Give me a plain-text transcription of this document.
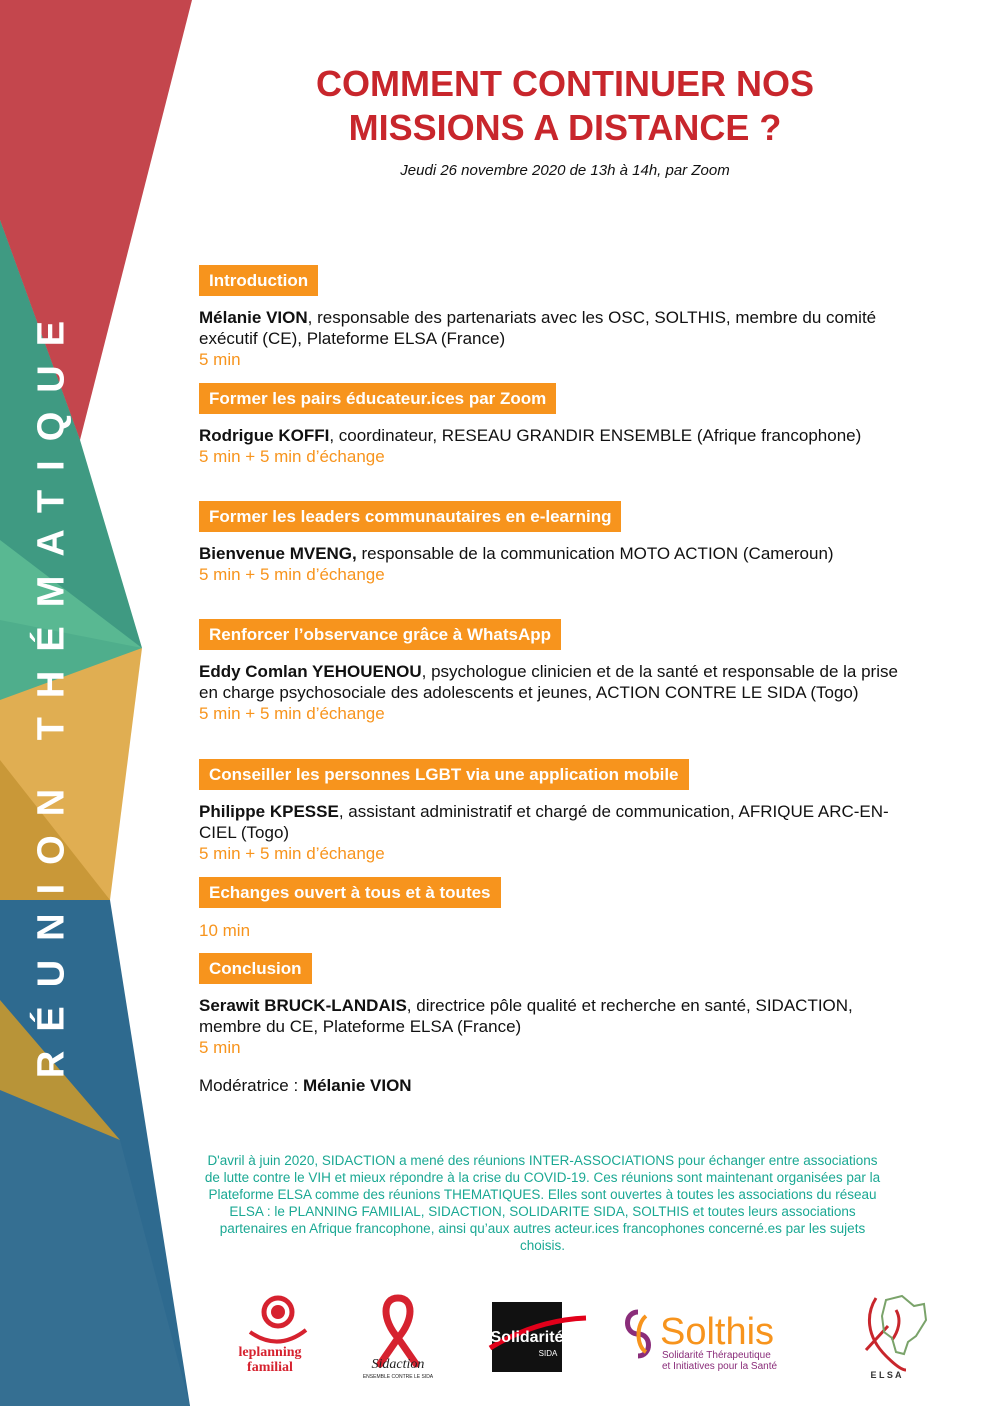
RÉUNION THÉMATIQUE
COMMENT CONTINUER NOS
MISSIONS A DISTANCE ?
Jeudi 26 novembre 2020 de 13h à 14h, par Zoom
Introduction
Mélanie VION, responsable des partenariats avec les OSC, SOLTHIS, membre du comité exécutif (CE), Plateforme ELSA (France)
5 min
Former les pairs éducateur.ices par Zoom
Rodrigue KOFFI, coordinateur, RESEAU GRANDIR ENSEMBLE (Afrique francophone)
5 min + 5 min d’échange
Former les leaders communautaires en e-learning
Bienvenue MVENG, responsable de la communication MOTO ACTION (Cameroun)
5 min + 5 min d’échange
Renforcer l’observance grâce à WhatsApp
Eddy Comlan YEHOUENOU, psychologue clinicien et de la santé et responsable de la prise en charge psychosociale des adolescents et jeunes, ACTION CONTRE LE SIDA (Togo)
5 min + 5 min d’échange
Conseiller les personnes LGBT via une application mobile
Philippe KPESSE, assistant administratif et chargé de communication, AFRIQUE ARC-EN-CIEL (Togo)
5 min + 5 min d’échange
Echanges ouvert à tous et à toutes
10 min
Conclusion
Serawit BRUCK-LANDAIS, directrice pôle qualité et recherche en santé, SIDACTION, membre du CE, Plateforme ELSA (France)
5 min
Modératrice : Mélanie VION
D'avril à juin 2020, SIDACTION a mené des réunions INTER-ASSOCIATIONS pour échanger entre associations de lutte contre le VIH et mieux répondre à la crise du COVID-19. Ces réunions sont maintenant organisées par la Plateforme ELSA comme des réunions THEMATIQUES. Elles sont ouvertes à toutes les associations du réseau ELSA : le PLANNING FAMILIAL, SIDACTION, SOLIDARITE SIDA, SOLTHIS et toutes leurs associations partenaires en Afrique francophone, ainsi qu’aux autres acteur.ices francophones concerné.es par les sujets choisis.
leplanning
familial	Sidaction
ENSEMBLE CONTRE LE SIDA
Solidarité
SIDA
Solthis
Solidarité Thérapeutique
et Initiatives pour la Santé
E L S A
